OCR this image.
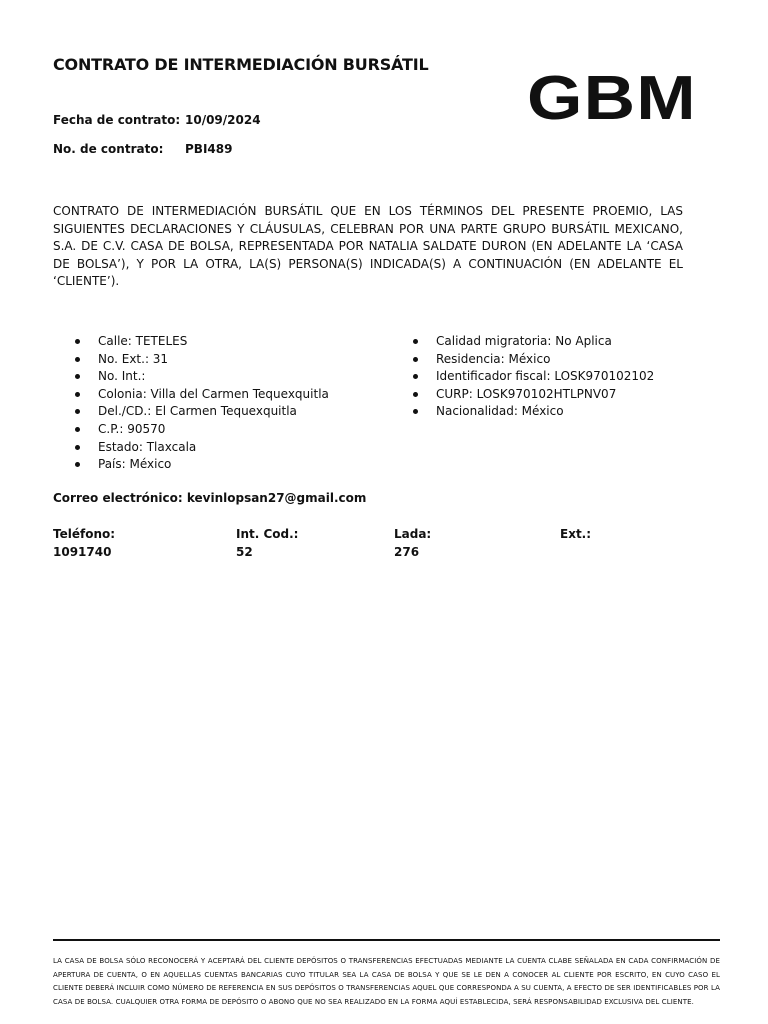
CONTRATO DE INTERMEDIACIÓN BURSÁTIL GBM
Fecha de contrato: 10/09/2024
No. de contrato: PBI489
CONTRATO DE INTERMEDIACIÓN BURSÁTIL QUE EN LOS TÉRMINOS DEL PRESENTE PROEMIO, LAS SIGUIENTES DECLARACIONES Y CLÁUSULAS, CELEBRAN POR UNA PARTE GRUPO BURSÁTIL MEXICANO, S.A. DE C.V. CASA DE BOLSA, REPRESENTADA POR NATALIA SALDATE DURON (EN ADELANTE LA ‘CASA DE BOLSA’), Y POR LA OTRA, LA(S) PERSONA(S) INDICADA(S) A CONTINUACIÓN (EN ADELANTE EL ‘CLIENTE’).
Calle: TETELES
No. Ext.: 31
No. Int.:
Colonia: Villa del Carmen Tequexquitla
Del./CD.: El Carmen Tequexquitla
C.P.: 90570
Estado: Tlaxcala
País: México
Calidad migratoria: No Aplica
Residencia: México
Identificador fiscal: LOSK970102102
CURP: LOSK970102HTLPNV07
Nacionalidad: México
Correo electrónico: kevinlopsan27@gmail.com
Teléfono:
1091740
Int. Cod.:
52
Lada:
276
Ext.:
LA CASA DE BOLSA SÓLO RECONOCERÁ Y ACEPTARÁ DEL CLIENTE DEPÓSITOS O TRANSFERENCIAS EFECTUADAS MEDIANTE LA CUENTA CLABE SEÑALADA EN CADA CONFIRMACIÓN DE APERTURA DE CUENTA, O EN AQUELLAS CUENTAS BANCARIAS CUYO TITULAR SEA LA CASA DE BOLSA Y QUE SE LE DEN A CONOCER AL CLIENTE POR ESCRITO, EN CUYO CASO EL CLIENTE DEBERÁ INCLUIR COMO NÚMERO DE REFERENCIA EN SUS DEPÓSITOS O TRANSFERENCIAS AQUEL QUE CORRESPONDA A SU CUENTA, A EFECTO DE SER IDENTIFICABLES POR LA CASA DE BOLSA. CUALQUIER OTRA FORMA DE DEPÓSITO O ABONO QUE NO SEA REALIZADO EN LA FORMA AQUÍ ESTABLECIDA, SERÁ RESPONSABILIDAD EXCLUSIVA DEL CLIENTE.
